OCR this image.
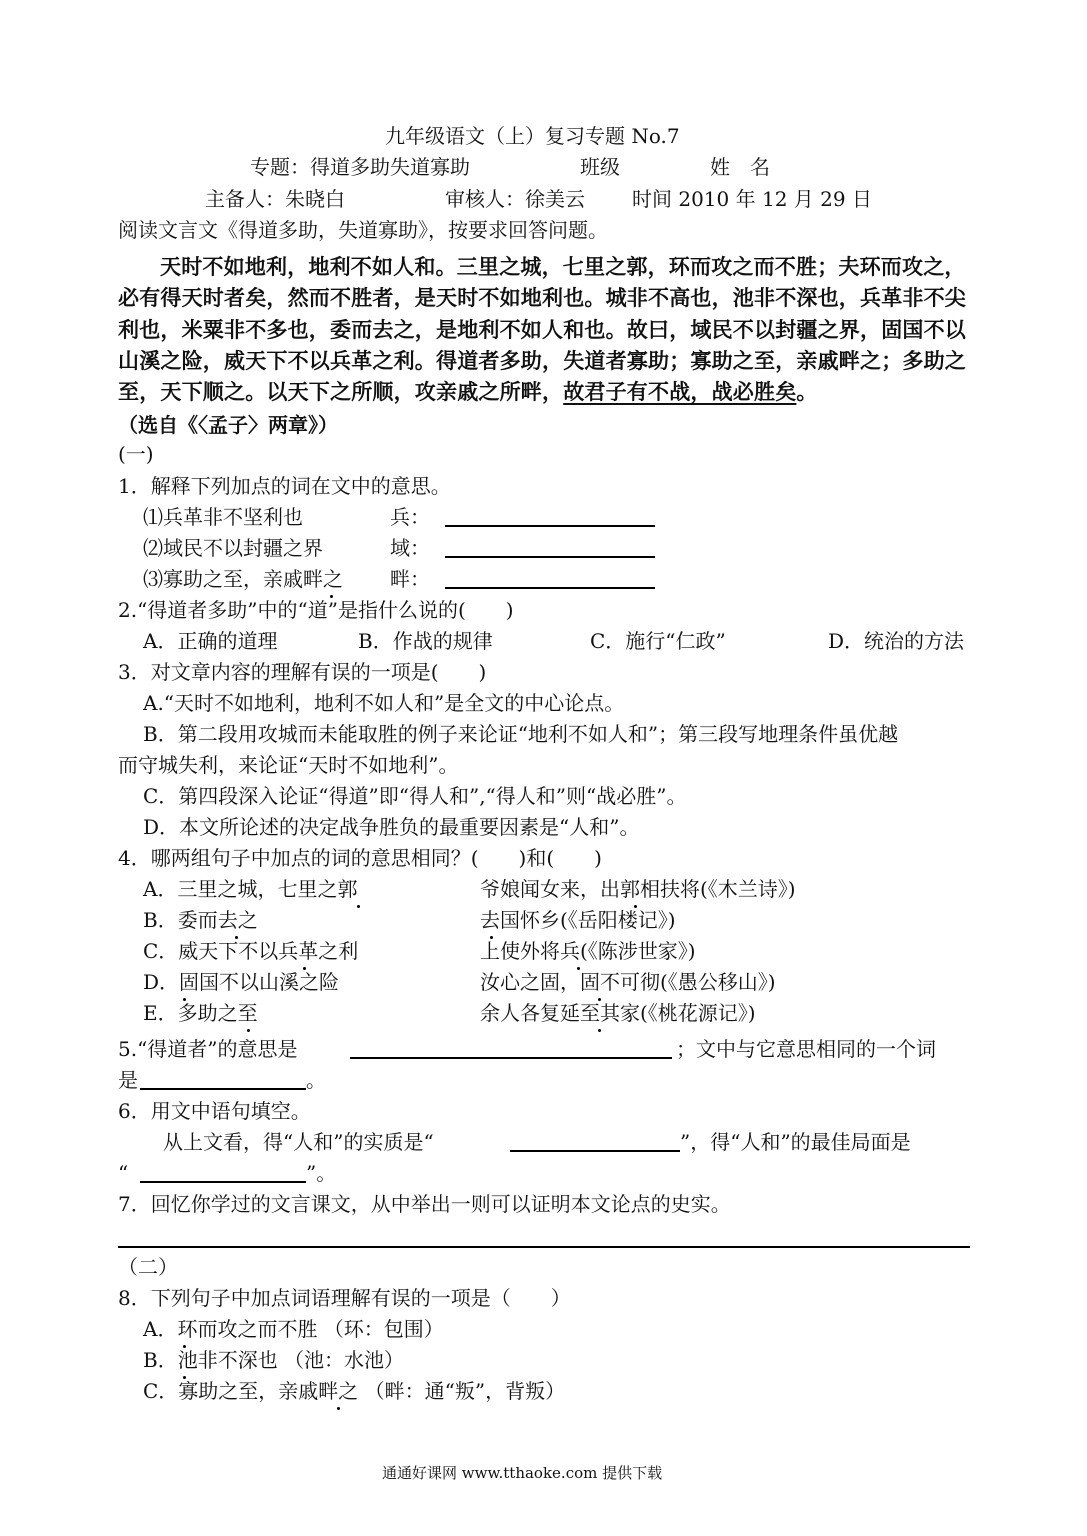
九年级语文（上）复习专题 No.7
专题：得道多助失道寡助	班级	姓　名
主备人：朱晓白	审核人：徐美云 时间 2010 年 12 月 29 日
阅读文言文《得道多助，失道寡助》，按要求回答问题。

天时不如地利，地利不如人和。三里之城，七里之郭，环而攻之而不胜；夫环而攻之，必有得天时者矣，然而不胜者，是天时不如地利也。城非不高也，池非不深也，兵革非不尖利也，米粟非不多也，委而去之，是地利不如人和也。故曰，域民不以封疆之界，固国不以山溪之险，威天下不以兵革之利。得道者多助，失道者寡助；寡助之至，亲戚畔之；多助之至，天下顺之。以天下之所顺，攻亲戚之所畔，故君子有不战，战必胜矣。

（选自《〈孟子〉两章》）
(一)
1．解释下列加点的词在文中的意思。
⑴兵革非不坚利也	兵：
⑵域民不以封疆之界	域：
⑶寡助之至，亲戚畔之 畔：
2.“得道者多助”中的“道”是指什么说的(　　)
A．正确的道理	B．作战的规律	C．施行“仁政”	D．统治的方法
3．对文章内容的理解有误的一项是(　　)
A.“天时不如地利，地利不如人和”是全文的中心论点。
B．第二段用攻城而未能取胜的例子来论证“地利不如人和”；第三段写地理条件虽优越
而守城失利，来论证“天时不如地利”。
C．第四段深入论证“得道”即“得人和”,“得人和”则“战必胜”。
D．本文所论述的决定战争胜负的最重要因素是“人和”。
4．哪两组句子中加点的词的意思相同？(　　)和(　　)
A．三里之城，七里之郭	爷娘闻女来，出郭相扶将(《木兰诗》)
B．委而去之	去国怀乡(《岳阳楼记》)
C．威天下不以兵革之利	上使外将兵(《陈涉世家》)
D．固国不以山溪之险	汝心之固，固不可彻(《愚公移山》)
E．多助之至	余人各复延至其家(《桃花源记》)
5.“得道者”的意思是	；文中与它意思相同的一个词
是	。
6．用文中语句填空。
从上文看，得“人和”的实质是“	”，得“人和”的最佳局面是
“	”。
7．回忆你学过的文言课文，从中举出一则可以证明本文论点的史实。
（二）
8．下列句子中加点词语理解有误的一项是（　　）
A．环而攻之而不胜 （环：包围）
B．池非不深也 （池：水池）
C．寡助之至，亲戚畔之 （畔：通“叛”，背叛）
通通好课网 www.tthaoke.com 提供下载
